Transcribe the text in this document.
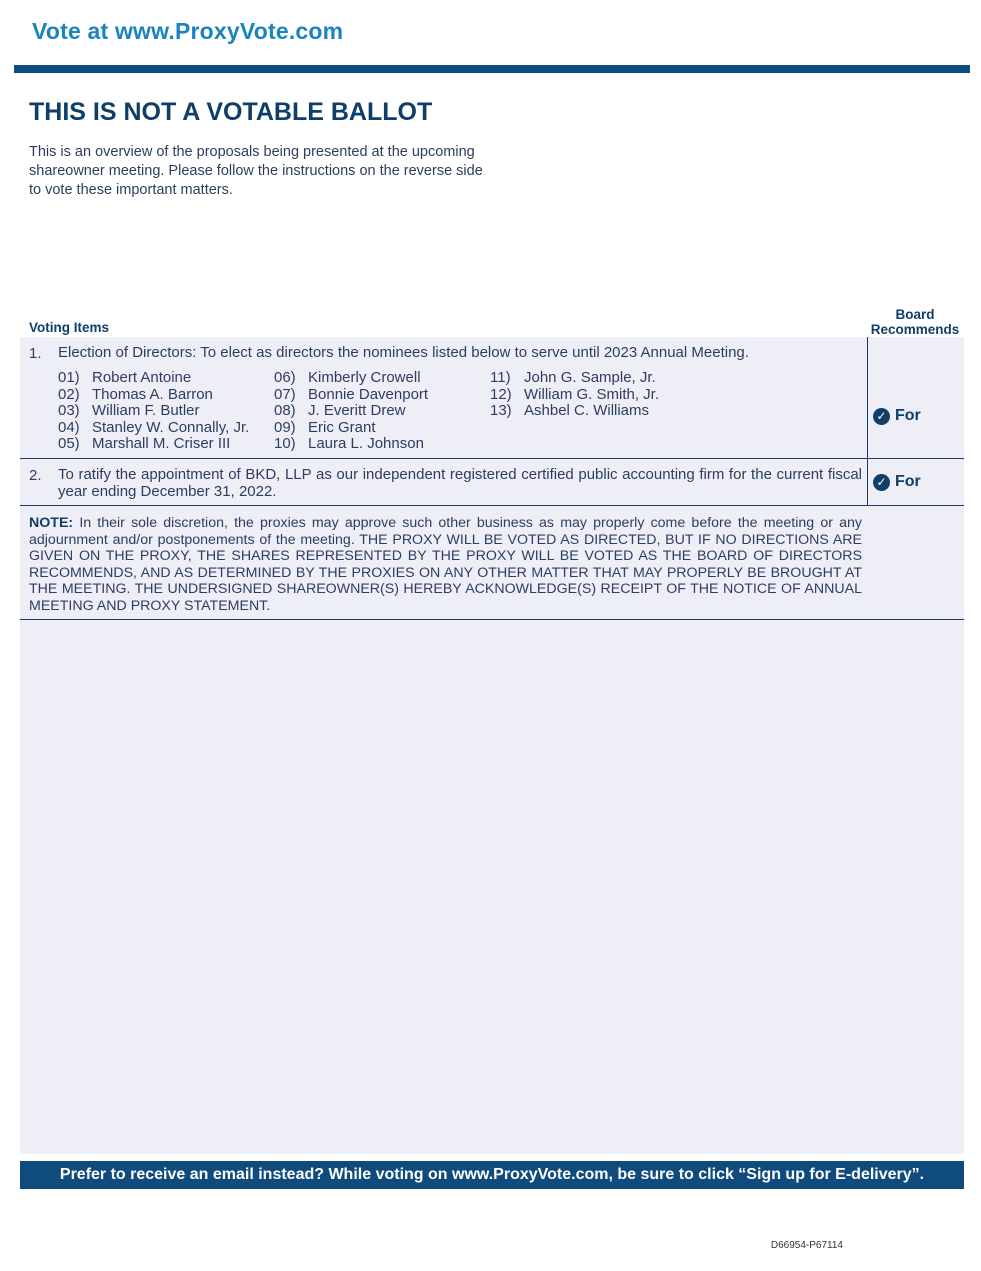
Vote at www.ProxyVote.com
THIS IS NOT A VOTABLE BALLOT
This is an overview of the proposals being presented at the upcoming shareowner meeting. Please follow the instructions on the reverse side to vote these important matters.
Voting Items
Board Recommends
1. Election of Directors: To elect as directors the nominees listed below to serve until 2023 Annual Meeting.
01) Robert Antoine
02) Thomas A. Barron
03) William F. Butler
04) Stanley W. Connally, Jr.
05) Marshall M. Criser III
06) Kimberly Crowell
07) Bonnie Davenport
08) J. Everitt Drew
09) Eric Grant
10) Laura L. Johnson
11) John G. Sample, Jr.
12) William G. Smith, Jr.
13) Ashbel C. Williams	✓ For
2. To ratify the appointment of BKD, LLP as our independent registered certified public accounting firm for the current fiscal year ending December 31, 2022.
✓ For
NOTE: In their sole discretion, the proxies may approve such other business as may properly come before the meeting or any adjournment and/or postponements of the meeting. THE PROXY WILL BE VOTED AS DIRECTED, BUT IF NO DIRECTIONS ARE GIVEN ON THE PROXY, THE SHARES REPRESENTED BY THE PROXY WILL BE VOTED AS THE BOARD OF DIRECTORS RECOMMENDS, AND AS DETERMINED BY THE PROXIES ON ANY OTHER MATTER THAT MAY PROPERLY BE BROUGHT AT THE MEETING. THE UNDERSIGNED SHAREOWNER(S) HEREBY ACKNOWLEDGE(S) RECEIPT OF THE NOTICE OF ANNUAL MEETING AND PROXY STATEMENT.
Prefer to receive an email instead? While voting on www.ProxyVote.com, be sure to click “Sign up for E-delivery”.
D66954-P67114
